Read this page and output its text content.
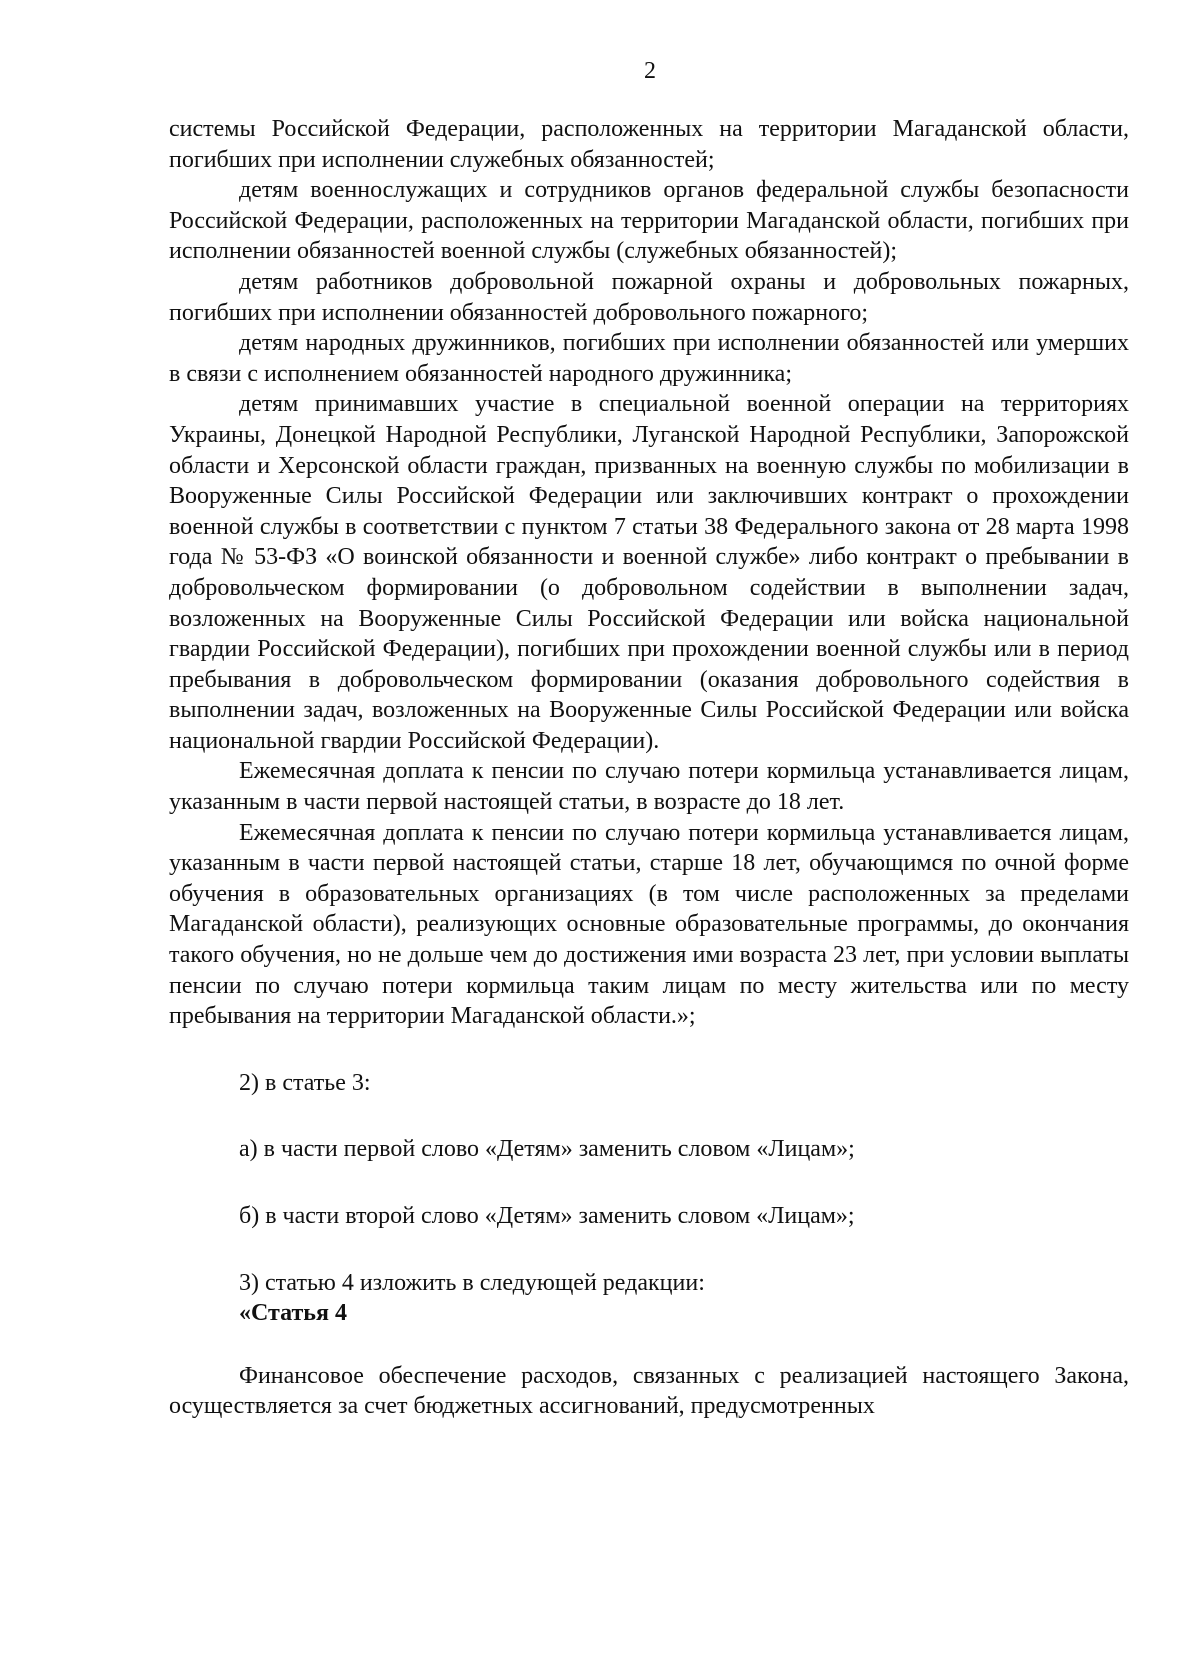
2

системы Российской Федерации, расположенных на территории Магаданской области, погибших при исполнении служебных обязанностей;

детям военнослужащих и сотрудников органов федеральной службы безопасности Российской Федерации, расположенных на территории Магаданской области, погибших при исполнении обязанностей военной службы (служебных обязанностей);

детям работников добровольной пожарной охраны и добровольных пожарных, погибших при исполнении обязанностей добровольного пожарного;

детям народных дружинников, погибших при исполнении обязанностей или умерших в связи с исполнением обязанностей народного дружинника;

детям принимавших участие в специальной военной операции на территориях Украины, Донецкой Народной Республики, Луганской Народной Республики, Запорожской области и Херсонской области граждан, призванных на военную службы по мобилизации в Вооруженные Силы Российской Федерации или заключивших контракт о прохождении военной службы в соответствии с пунктом 7 статьи 38 Федерального закона от 28 марта 1998 года № 53-ФЗ «О воинской обязанности и военной службе» либо контракт о пребывании в добровольческом формировании (о добровольном содействии в выполнении задач, возложенных на Вооруженные Силы Российской Федерации или войска национальной гвардии Российской Федерации), погибших при прохождении военной службы или в период пребывания в добровольческом формировании (оказания добровольного содействия в выполнении задач, возложенных на Вооруженные Силы Российской Федерации или войска национальной гвардии Российской Федерации).

Ежемесячная доплата к пенсии по случаю потери кормильца устанавливается лицам, указанным в части первой настоящей статьи, в возрасте до 18 лет.

Ежемесячная доплата к пенсии по случаю потери кормильца устанавливается лицам, указанным в части первой настоящей статьи, старше 18 лет, обучающимся по очной форме обучения в образовательных организациях (в том числе расположенных за пределами Магаданской области), реализующих основные образовательные программы, до окончания такого обучения, но не дольше чем до достижения ими возраста 23 лет, при условии выплаты пенсии по случаю потери кормильца таким лицам по месту жительства или по месту пребывания на территории Магаданской области.»;

2) в статье 3:

а) в части первой слово «Детям» заменить словом «Лицам»;

б) в части второй слово «Детям» заменить словом «Лицам»;

3) статью 4 изложить в следующей редакции:

«Статья 4

Финансовое обеспечение расходов, связанных с реализацией настоящего Закона, осуществляется за счет бюджетных ассигнований, предусмотренных
